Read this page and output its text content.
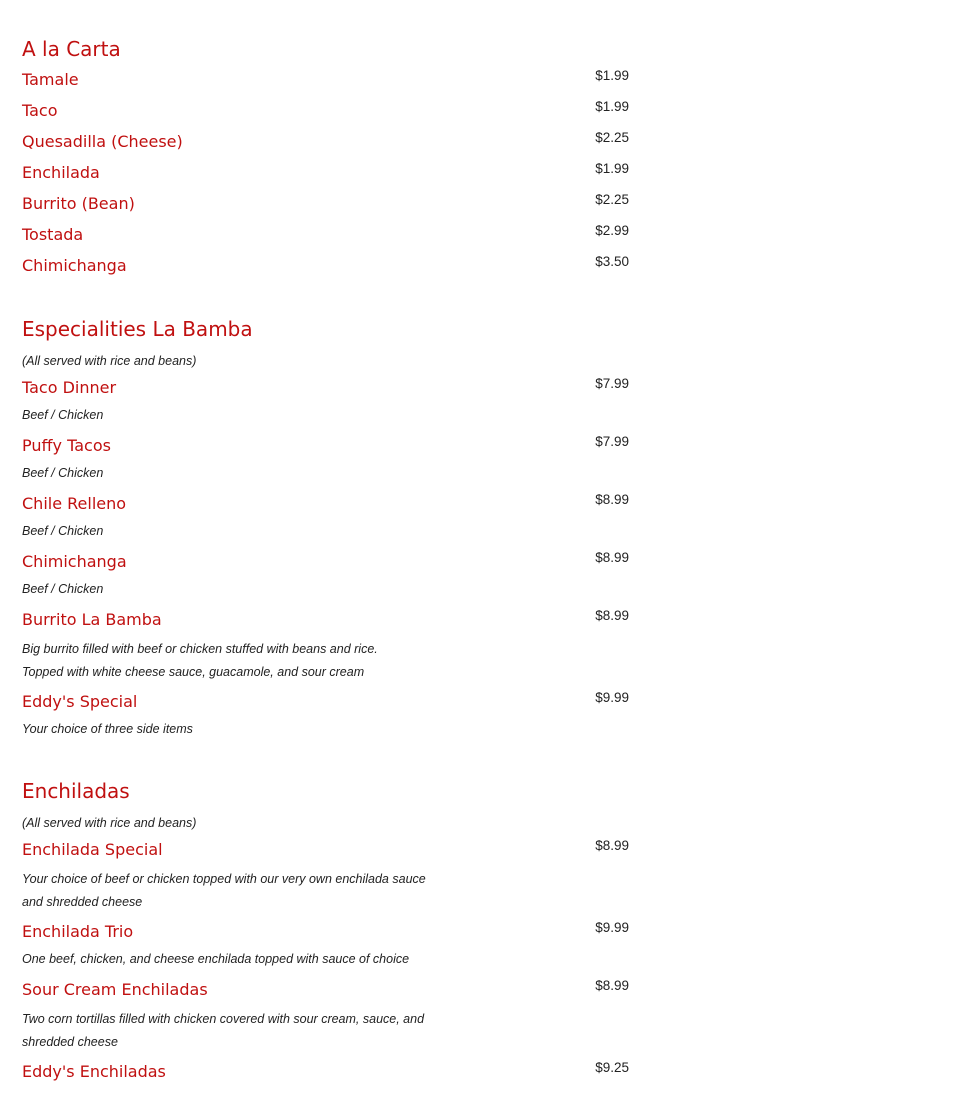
A la Carta
Tamale	$1.99
Taco	$1.99
Quesadilla (Cheese)	$2.25
Enchilada	$1.99
Burrito (Bean)	$2.25
Tostada	$2.99
Chimichanga	$3.50
Especialities La Bamba
(All served with rice and beans)
Taco Dinner	$7.99
Beef / Chicken
Puffy Tacos	$7.99
Beef / Chicken
Chile Relleno	$8.99
Beef / Chicken
Chimichanga	$8.99
Beef / Chicken
Burrito La Bamba	$8.99
Big burrito filled with beef or chicken stuffed with beans and rice. Topped with white cheese sauce, guacamole, and sour cream
Eddy's Special	$9.99
Your choice of three side items
Enchiladas
(All served with rice and beans)
Enchilada Special	$8.99
Your choice of beef or chicken topped with our very own enchilada sauce and shredded cheese
Enchilada Trio	$9.99
One beef, chicken, and cheese enchilada topped with sauce of choice
Sour Cream Enchiladas	$8.99
Two corn tortillas filled with chicken covered with sour cream, sauce, and shredded cheese
Eddy's Enchiladas	$9.25
